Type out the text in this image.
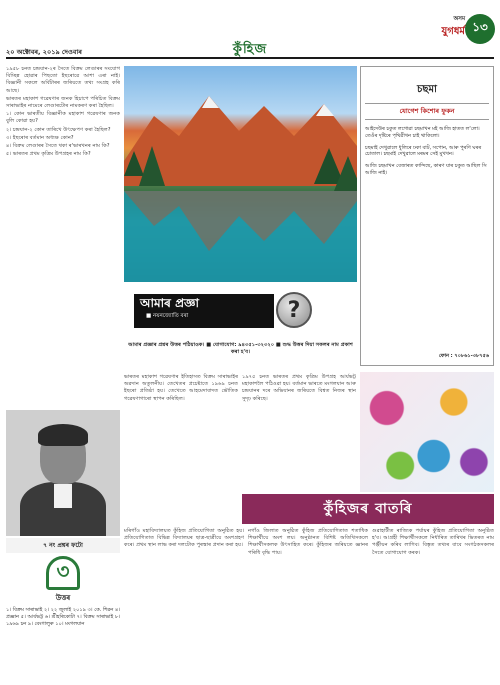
২০ অক্টোবৰ, ২০১৯ দেওবাৰ	কুঁহিজ
অসম
যুগধৰ্ম ১৩

১৯৫৮ চনত চন্দ্ৰযান-২ৰ সৈতে বিক্ৰম লেণ্ডাৰৰ সংযোগ বিচ্ছিন্ন হোৱাৰ পিছতো ইছৰোৱে আশা এৰা নাই। বিজ্ঞানী সকলে অৰ্বিটাৰৰ জৰিয়তে তথ্য সংগ্ৰহ কৰি আছে।

ভাৰতৰ মহাকাশ গৱেষণাৰ জনক হিচাপে পৰিচিত বিক্ৰম সাৰাভাইৰ নামেৰে লেণ্ডাৰটোৰ নামকৰণ কৰা হৈছিল।

১। কোন ভাৰতীয় বিজ্ঞানীক মহাকাশ গৱেষণাৰ জনক বুলি কোৱা হয়?

২। চন্দ্ৰযান-২ কোন তাৰিখে উৎক্ষেপণ কৰা হৈছিল?

৩। ইছৰোৰ বৰ্তমান অধ্যক্ষ কোন?

৪। বিক্ৰম লেণ্ডাৰৰ সৈতে থকা ৰ'ভাৰখনৰ নাম কি?

৫। ভাৰতৰ প্ৰথম কৃত্ৰিম উপগ্ৰহৰ নাম কি?

চছমা
যোগেশ কিশোৰ ফুকন

আইদেউৰ চকুত লগোৱা চছমাখন মই আজি হাতত ল'লো। তেওঁৰ দৃষ্টিৰে পৃথিৱীখন চাই থাকিলো।

চছমাই দেখুৱালে ধুলিৰে ঢকা বাট, সপোন, আৰু পুৰণি ঘৰৰ চোতাল। চছমাই দেখুৱালে মৰমৰ সেই মুখখন।

আজি চছমাখন বেজাৰত কান্দিছে, কাৰণ যাৰ চকুত আছিল সি আজি নাই।

ফোন : ৭০৮৬১-৩৮৭৫৬
আমাৰ প্ৰজ্ঞা
■ নয়নজ্যোতি বৰা	?
আমাৰ প্ৰজ্ঞাৰ প্ৰশ্নৰ উত্তৰ পঠিয়াওক। ■ যোগাযোগ: ৯৪৩৫১-৩২৩২০ ■ শুদ্ধ উত্তৰ দিয়া সকলৰ নাম প্ৰকাশ কৰা হ'ব।
ভাৰতৰ মহাকাশ গৱেষণাৰ ইতিহাসত বিক্ৰম সাৰাভাইৰ অৱদান অতুলনীয়। তেখেতৰ প্ৰচেষ্টাতে ১৯৬৯ চনত ইছৰো প্ৰতিষ্ঠা হয়। তেখেতে আহমেদাবাদত ভৌতিক গৱেষণাগাৰো স্থাপন কৰিছিল।
১৯৭৫ চনত ভাৰতৰ প্ৰথম কৃত্ৰিম উপগ্ৰহ আৰ্যভট্ট মহাকাশলৈ পঠিওৱা হয়। বৰ্তমান ভাৰতে মংগলযান আৰু চন্দ্ৰযানৰ দৰে অভিযানৰ জৰিয়তে বিশ্বত নিজৰ স্থান সুদৃঢ় কৰিছে।
৭ নং প্ৰশ্নৰ ফটো
৩
উত্তৰ
১। বিক্ৰম সাৰাভাই ২। ২২ জুলাই ২০১৯ ৩। কে. শিৱন ৪। প্ৰজ্ঞান ৫। আৰ্যভট্ট ৬। শ্ৰীহৰিকোটা ৭। বিক্ৰম সাৰাভাই ৮। ১৯৬৯ চন ৯। বেংগালুৰু ১০। মংগলযান
কুঁহিজৰ বাতৰি
মৰিগাঁও মহাবিদ্যালয়ত কুঁহিজ প্ৰতিযোগিতা অনুষ্ঠিত হয়। প্ৰতিযোগিতাত বিভিন্ন বিদ্যালয়ৰ ছাত্ৰ-ছাত্ৰীয়ে অংশগ্ৰহণ কৰে। প্ৰথম স্থান লাভ কৰা দলটোক পুৰস্কাৰ প্ৰদান কৰা হয়।
নগাঁও জিলাত অনুষ্ঠিত কুঁহিজ প্ৰতিযোগিতাত শতাধিক শিক্ষাৰ্থীয়ে অংশ লয়। অনুষ্ঠানত বিশিষ্ট অতিথিসকলে শিক্ষাৰ্থীসকলক উৎসাহিত কৰে। কুঁহিজৰ জৰিয়তে জ্ঞানৰ পৰিধি বৃদ্ধি পায়।
গুৱাহাটীত ৰাজ্যিক পৰ্যায়ৰ কুঁহিজ প্ৰতিযোগিতা অনুষ্ঠিত হ'ব। আগ্ৰহী শিক্ষাৰ্থীসকলে নিৰ্ধাৰিত তাৰিখৰ ভিতৰত নাম পঞ্জীয়ন কৰিব লাগিব। বিস্তৃত তথ্যৰ বাবে সংগঠকসকলৰ সৈতে যোগাযোগ কৰক।
